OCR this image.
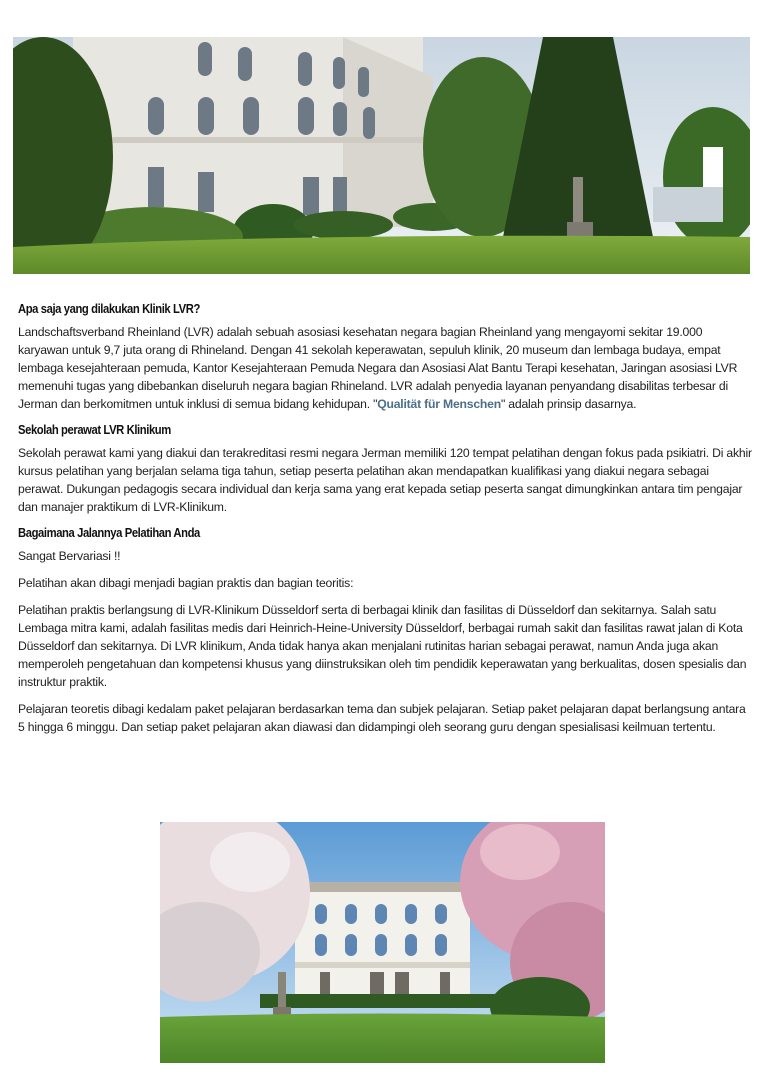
Apa saja yang dilakukan Klinik LVR?

Landschaftsverband Rheinland (LVR) adalah sebuah asosiasi kesehatan negara bagian Rheinland yang mengayomi sekitar 19.000 karyawan untuk 9,7 juta orang di Rhineland. Dengan 41 sekolah keperawatan, sepuluh klinik, 20 museum dan lembaga budaya, empat lembaga kesejahteraan pemuda, Kantor Kesejahteraan Pemuda Negara dan Asosiasi Alat Bantu Terapi kesehatan, Jaringan asosiasi LVR memenuhi tugas yang dibebankan diseluruh negara bagian Rhineland. LVR adalah penyedia layanan penyandang disabilitas terbesar di Jerman dan berkomitmen untuk inklusi di semua bidang kehidupan. "Qualität für Menschen" adalah prinsip dasarnya.

Sekolah perawat LVR Klinikum

Sekolah perawat kami yang diakui dan terakreditasi resmi negara Jerman memiliki 120 tempat pelatihan dengan fokus pada psikiatri. Di akhir kursus pelatihan yang berjalan selama tiga tahun, setiap peserta pelatihan akan mendapatkan kualifikasi yang diakui negara sebagai perawat. Dukungan pedagogis secara individual dan kerja sama yang erat kepada setiap peserta sangat dimungkinkan antara tim pengajar dan manajer praktikum di LVR-Klinikum.

Bagaimana Jalannya Pelatihan Anda

Sangat Bervariasi !!

Pelatihan akan dibagi menjadi bagian praktis dan bagian teoritis:

Pelatihan praktis berlangsung di LVR-Klinikum Düsseldorf serta di berbagai klinik dan fasilitas di Düsseldorf dan sekitarnya. Salah satu Lembaga mitra kami, adalah fasilitas medis dari Heinrich-Heine-University Düsseldorf, berbagai rumah sakit dan fasilitas rawat jalan di Kota Düsseldorf dan sekitarnya. Di LVR klinikum, Anda tidak hanya akan menjalani rutinitas harian sebagai perawat, namun Anda juga akan memperoleh pengetahuan dan kompetensi khusus yang diinstruksikan oleh tim pendidik keperawatan yang berkualitas, dosen spesialis dan instruktur praktik.

Pelajaran teoretis dibagi kedalam paket pelajaran berdasarkan tema dan subjek pelajaran. Setiap paket pelajaran dapat berlangsung antara 5 hingga 6 minggu. Dan setiap paket pelajaran akan diawasi dan didampingi oleh seorang guru dengan spesialisasi keilmuan tertentu.
